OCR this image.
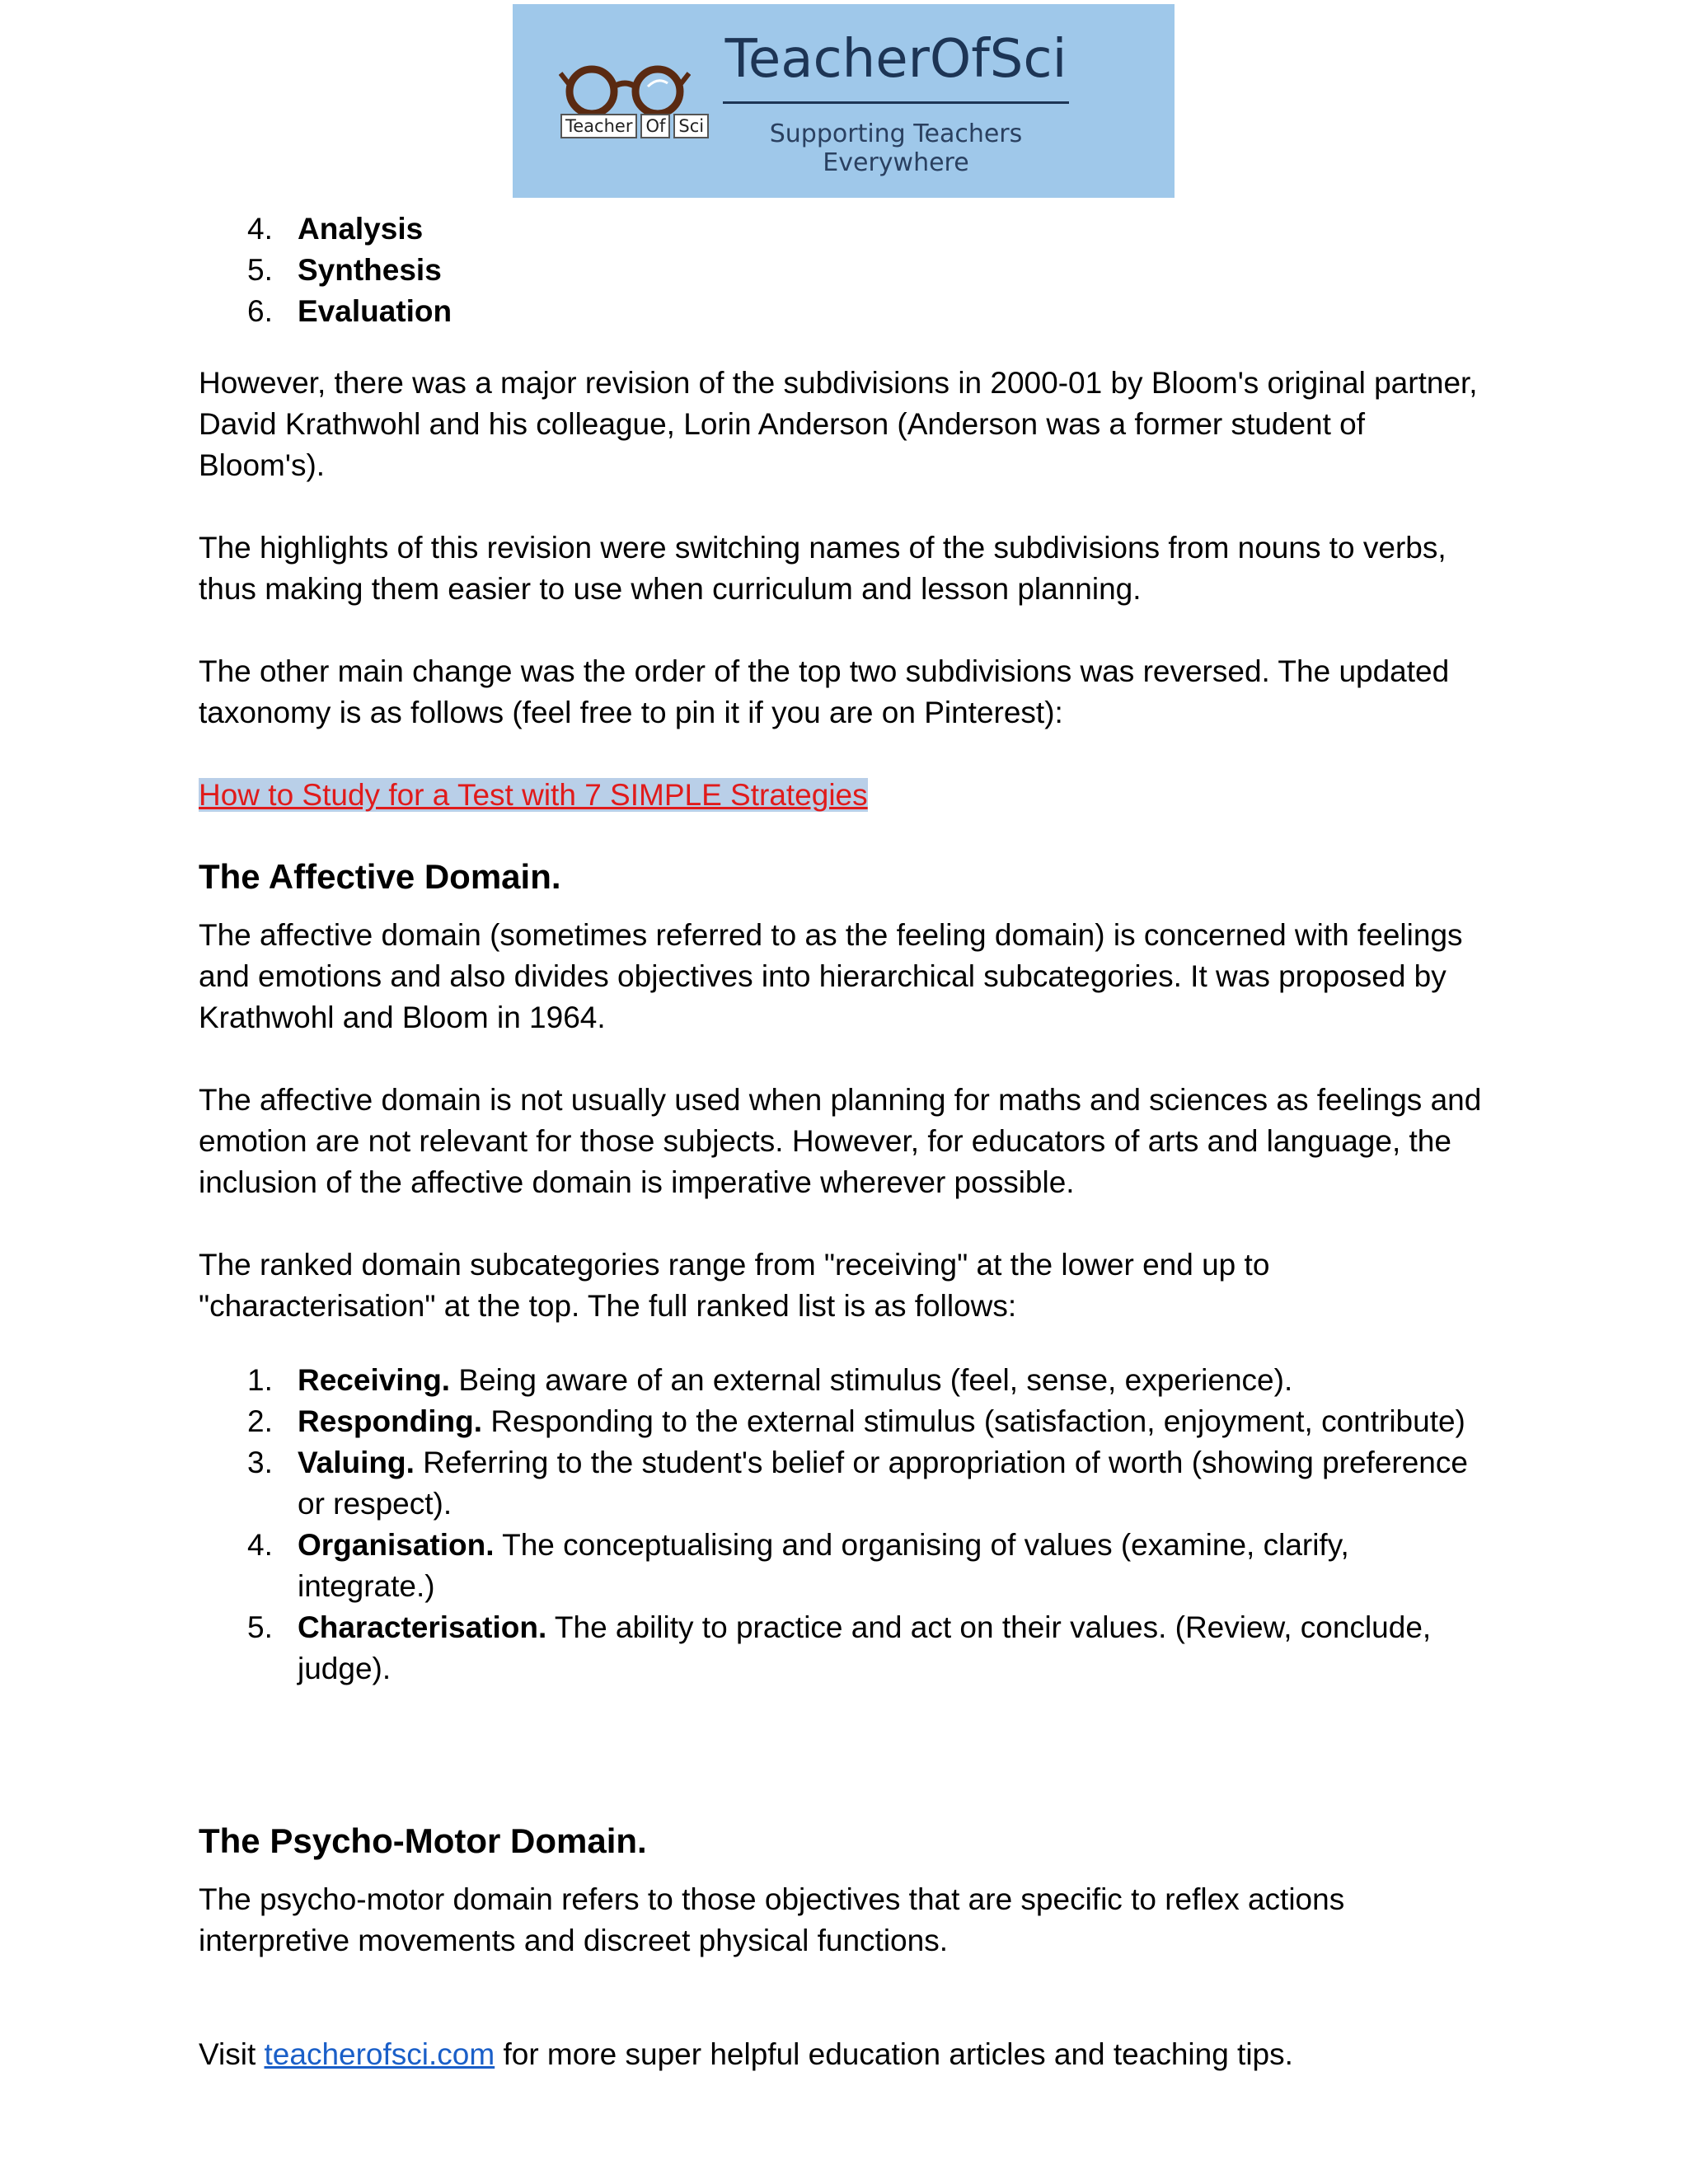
Teacher Of Sci
TeacherOfSci
Supporting Teachers Everywhere
4. Analysis
5. Synthesis
6. Evaluation

However, there was a major revision of the subdivisions in 2000-01 by Bloom's original partner, David Krathwohl and his colleague, Lorin Anderson (Anderson was a former student of Bloom's).

The highlights of this revision were switching names of the subdivisions from nouns to verbs, thus making them easier to use when curriculum and lesson planning.

The other main change was the order of the top two subdivisions was reversed. The updated taxonomy is as follows (feel free to pin it if you are on Pinterest):

How to Study for a Test with 7 SIMPLE Strategies
The Affective Domain.

The affective domain (sometimes referred to as the feeling domain) is concerned with feelings and emotions and also divides objectives into hierarchical subcategories. It was proposed by Krathwohl and Bloom in 1964.

The affective domain is not usually used when planning for maths and sciences as feelings and emotion are not relevant for those subjects. However, for educators of arts and language, the inclusion of the affective domain is imperative wherever possible.

The ranked domain subcategories range from "receiving" at the lower end up to "characterisation" at the top. The full ranked list is as follows:

1. Receiving. Being aware of an external stimulus (feel, sense, experience).
2. Responding. Responding to the external stimulus (satisfaction, enjoyment, contribute)
3. Valuing. Referring to the student's belief or appropriation of worth (showing preference or respect).
4. Organisation. The conceptualising and organising of values (examine, clarify, integrate.)
5. Characterisation. The ability to practice and act on their values. (Review, conclude, judge).
The Psycho-Motor Domain.

The psycho-motor domain refers to those objectives that are specific to reflex actions interpretive movements and discreet physical functions.

Visit teacherofsci.com for more super helpful education articles and teaching tips.
